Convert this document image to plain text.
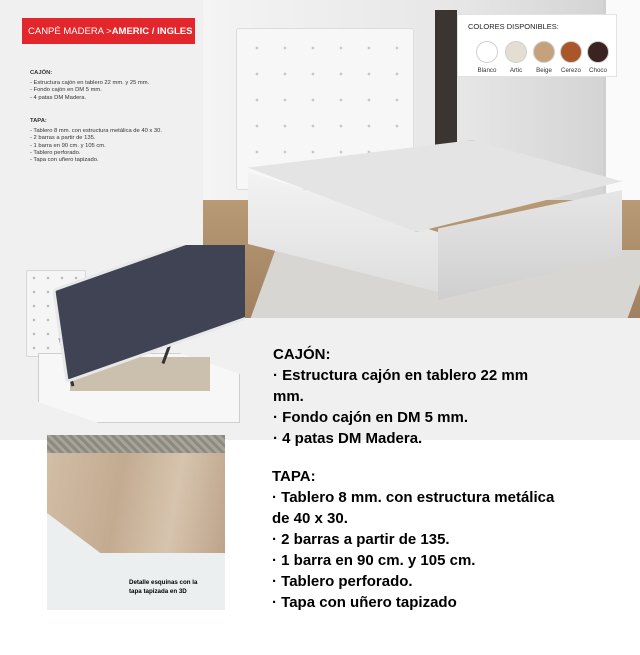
CANPÉ MADERA > AMERIC / INGLES
CAJÓN:
- Estructura cajón en tablero 22 mm. y 25 mm.
- Fondo cajón en DM 5 mm.
- 4 patas DM Madera.
TAPA:
- Tablero 8 mm. con estructura metálica de 40 x 30.
- 2 barras a partir de 135.
- 1 barra en 90 cm. y 105 cm.
- Tablero perforado.
- Tapa con uñero tapizado.
COLORES DISPONIBLES:
Blanco	Artic	Beige	Cerezo	Choco
CAJÓN:
· Estructura cajón en tablero 22 mm
mm.
· Fondo cajón en DM 5 mm.
· 4 patas DM Madera.
TAPA:
· Tablero 8 mm. con estructura metálica
de 40 x 30.
· 2 barras a partir de 135.
· 1 barra en 90 cm. y 105 cm.
· Tablero perforado.
· Tapa con uñero tapizado
Detalle esquinas con la
tapa tapizada en 3D
